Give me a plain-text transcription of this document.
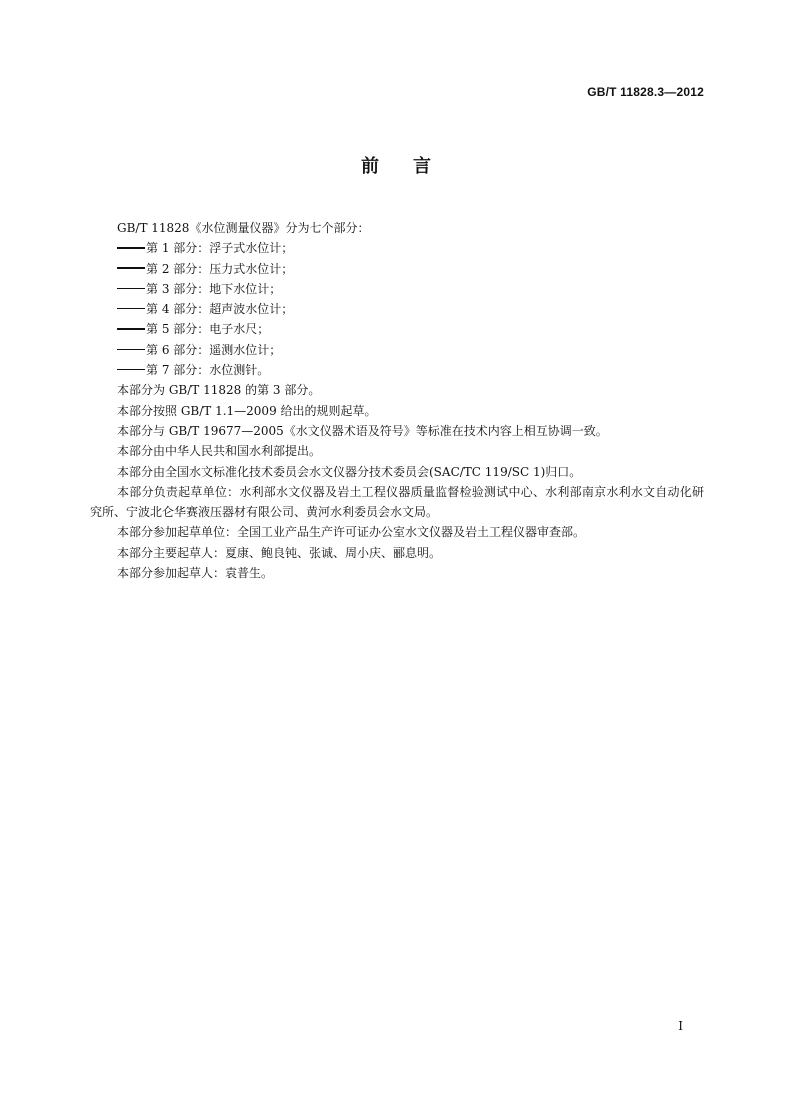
GB/T 11828.3—2012
前言

GB/T 11828《水位测量仪器》分为七个部分：

第 1 部分：浮子式水位计；

第 2 部分：压力式水位计；

第 3 部分：地下水位计；

第 4 部分：超声波水位计；

第 5 部分：电子水尺；

第 6 部分：遥测水位计；

第 7 部分：水位测针。

本部分为 GB/T 11828 的第 3 部分。

本部分按照 GB/T 1.1—2009 给出的规则起草。

本部分与 GB/T 19677—2005《水文仪器术语及符号》等标准在技术内容上相互协调一致。

本部分由中华人民共和国水利部提出。

本部分由全国水文标准化技术委员会水文仪器分技术委员会(SAC/TC 119/SC 1)归口。

本部分负责起草单位：水利部水文仪器及岩土工程仪器质量监督检验测试中心、水利部南京水利水文自动化研究所、宁波北仑华赛液压器材有限公司、黄河水利委员会水文局。

本部分参加起草单位：全国工业产品生产许可证办公室水文仪器及岩土工程仪器审查部。

本部分主要起草人：夏康、鲍良钝、张诚、周小庆、郦息明。

本部分参加起草人：袁普生。

I
